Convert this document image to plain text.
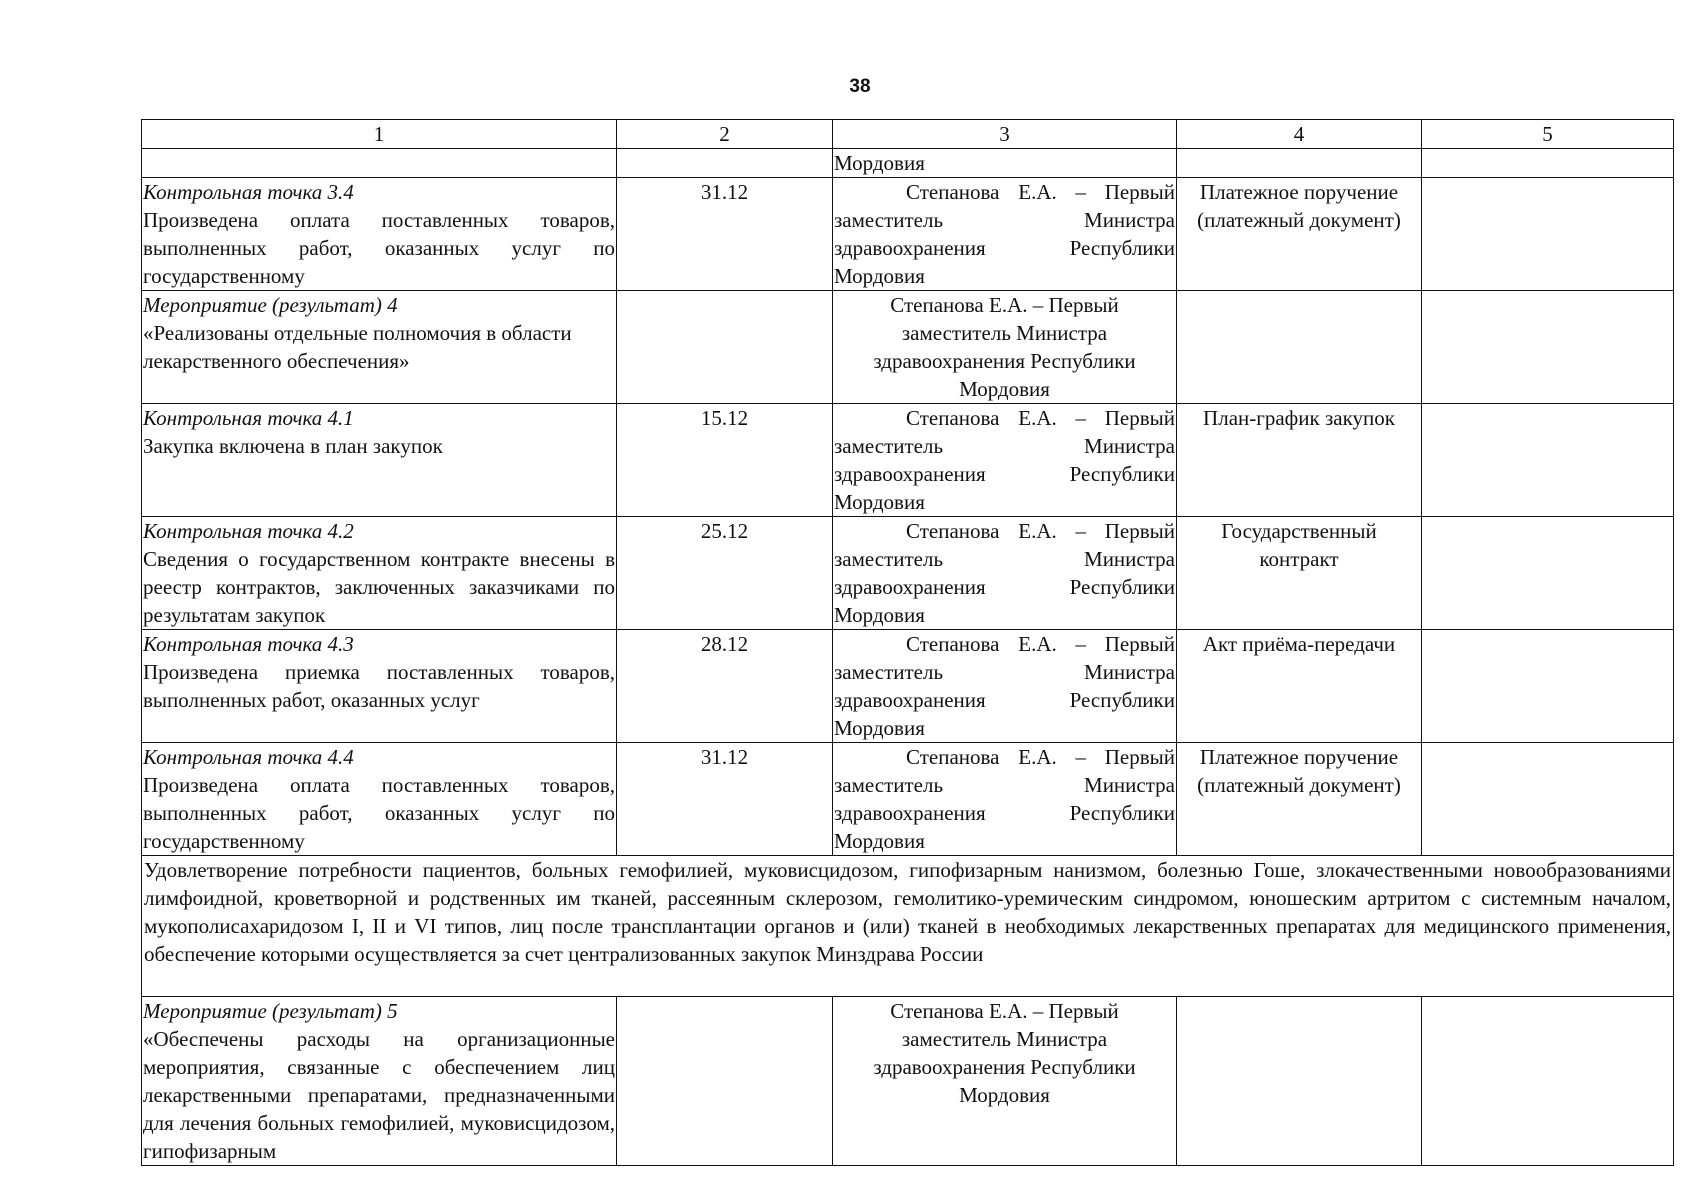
38
1	2	3	4	5
		Мордовия		

Контрольная точка 3.4
Произведена оплата поставленных товаров, выполненных работ, оказанных услуг по государственному	31.12	Степанова Е.А. – Первый заместитель Министра здравоохранения Республики Мордовия	Платежное поручение (платежный документ)	

Мероприятие (результат) 4
«Реализованы отдельные полномочия в области лекарственного обеспечения»		Степанова Е.А. – Первый заместитель Министра здравоохранения Республики Мордовия		

Контрольная точка 4.1
Закупка включена в план закупок	15.12	Степанова Е.А. – Первый заместитель Министра здравоохранения Республики Мордовия	План-график закупок	

Контрольная точка 4.2
Сведения о государственном контракте внесены в реестр контрактов, заключенных заказчиками по результатам закупок	25.12	Степанова Е.А. – Первый заместитель Министра здравоохранения Республики Мордовия	Государственный контракт	

Контрольная точка 4.3
Произведена приемка поставленных товаров, выполненных работ, оказанных услуг	28.12	Степанова Е.А. – Первый заместитель Министра здравоохранения Республики Мордовия	Акт приёма-передачи	

Контрольная точка 4.4
Произведена оплата поставленных товаров, выполненных работ, оказанных услуг по государственному	31.12	Степанова Е.А. – Первый заместитель Министра здравоохранения Республики Мордовия	Платежное поручение (платежный документ)	
Удовлетворение потребности пациентов, больных гемофилией, муковисцидозом, гипофизарным нанизмом, болезнью Гоше, злокачественными новообразованиями лимфоидной, кроветворной и родственных им тканей, рассеянным склерозом, гемолитико-уремическим синдромом, юношеским артритом с системным началом, мукополисахаридозом I, II и VI типов, лиц после трансплантации органов и (или) тканей в необходимых лекарственных препаратах для медицинского применения, обеспечение которыми осуществляется за счет централизованных закупок Минздрава России				

Мероприятие (результат) 5
«Обеспечены расходы на организационные мероприятия, связанные с обеспечением лиц лекарственными препаратами, предназначенными для лечения больных гемофилией, муковисцидозом, гипофизарным		Степанова Е.А. – Первый заместитель Министра здравоохранения Республики Мордовия		
